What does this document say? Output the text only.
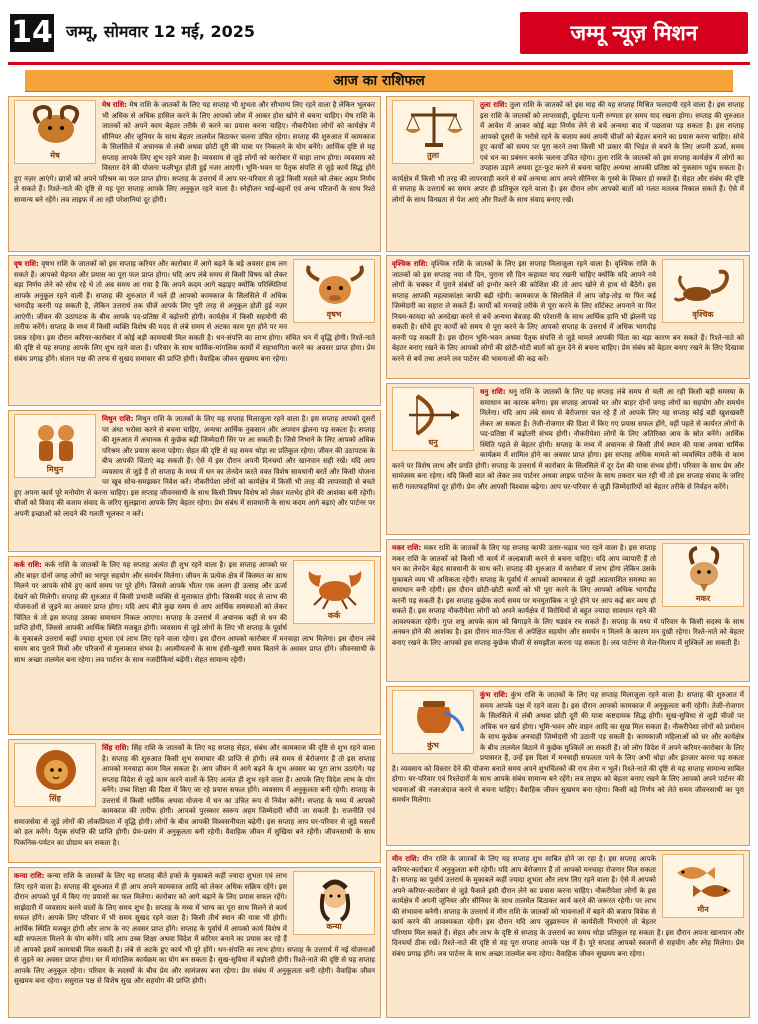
14 जम्मू, सोमवार 12 मई, 2025	जम्मू न्यूज़ मिशन
आज का राशिफल
मेष

मेष राशि: मेष राशि के जातकों के लिए यह सप्ताह भी शुभता और सौभाग्य लिए रहने वाला है लेकिन भूलकर भी अधिक से अधिक हासिल करने के लिए आपको जोश में आकर होश खोने से बचना चाहिए। मेष राशि के जातकों को अपने काम बेहतर तरीके से करने का प्रयास करना चाहिए। नौकरीपेशा लोगों को कार्यक्षेत्र में सीनियर और जूनियर के साथ बेहतर तालमेल बिठाकर चलना उचित रहेगा। सप्ताह की शुरुआत में कामकाज के सिलसिले में अचानक से लंबी अथवा छोटी दूरी की यात्रा पर निकलने के योग बनेंगे। आर्थिक दृष्टि से यह सप्ताह आपके लिए शुभ रहने वाला है। व्यवसाय से जुड़े लोगों को कारोबार में चाहा लाभ होगा। व्यवसाय को विस्तार देने की योजना फलीभूत होती हुई नजर आएगी। भूमि-भवन या पैतृक संपत्ति से जुड़े कार्य सिद्ध होंगे हुए नज़र आएंगे। छात्रों को अपने परिश्रम का फल प्राप्त होगा। सप्ताह के उत्तरार्ध में आप घर-परिवार से जुड़े किसी मसले को लेकर अहम निर्णय ले सकते हैं। रिश्ते-नाते की दृष्टि से यह पूरा सप्ताह आपके लिए अनुकूल रहने वाला है। स्नेहीजन भाई-बहनों एवं अन्य परिजनों के साथ रिश्ते सामान्य बने रहेंगे। लव लाइफ में आ रही परेशानियां दूर होंगी।

वृषभ

वृष राशि: वृषभ राशि के जातकों को इस सप्ताह करियर और कारोबार में आगे बढ़ने के बड़े अवसर हाथ लग सकते हैं। आपको मेहनत और प्रयास का पूरा फल प्राप्त होगा। यदि आप लंबे समय से किसी विषय को लेकर बड़ा निर्णय लेने को सोच रहे थे तो अब समय आ गया है कि अपने कदम आगे बढ़ाइए क्योंकि परिस्थितियां आपके अनुकूल रहने वाली हैं। सप्ताह की शुरुआत में भले ही आपको कामकाज के सिलसिले में अधिक भागदौड़ करनी पड़ सकती है, लेकिन उत्तरार्ध तक चीजें आपके लिए पूरी तरह से अनुकूल होती हुई नज़र आएंगी। जीवन की उठापटक के बीच आपके पद-प्रतिष्ठा में बढ़ोत्तरी होगी। कार्यक्षेत्र में किसी सहयोगी की तारीफ करेंगे। सप्ताह के मध्य में किसी व्यक्ति विशेष की मदद से लंबे समय से अटका काम पूरा होने पर मन प्रसन्न रहेगा। इस दौरान करियर-कारोबार में कोई बड़ी कामयाबी मिल सकती है। धन-संपत्ति का लाभ होगा। संचित धन में वृद्धि होगी। रिश्ते-नाते की दृष्टि से यह सप्ताह आपके लिए शुभ रहने वाला है। परिवार के साथ धार्मिक-मांगलिक कार्यों में सहभागिता करने का अवसर प्राप्त होगा। प्रेम संबंध प्रगाढ़ होंगे। संतान पक्ष की तरफ से सुखद समाचार की प्राप्ति होगी। वैवाहिक जीवन सुखमय बना रहेगा।

मिथुन

मिथुन राशि: मिथुन राशि के जातकों के लिए यह सप्ताह मिलाजुला रहने वाला है। इस सप्ताह आपको दूसरों पर अंधा भरोसा करने से बचना चाहिए, अन्यथा आर्थिक नुकसान और अपमान झेलना पड़ सकता है। सप्ताह की शुरुआत में अचानक से कुछेक बड़ी जिम्मेदारी सिर पर आ सकती है। जिसे निभाने के लिए आपको अधिक परिश्रम और प्रयास करना पड़ेगा। सेहत की दृष्टि से यह समय थोड़ा सा प्रतिकूल रहेगा। जीवन की उठापटक के बीच आपकी चिंताएं बढ़ सकती हैं। ऐसे में इस दौरान अपनी दिनचर्या और खानपान सही रखें। यदि आप व्यवसाय से जुड़े हैं तो सप्ताह के मध्य में धन का लेनदेन करते वक्त विशेष सावधानी बरतें और किसी योजना पर खूब सोच-समझकर निवेश करें। नौकरीपेशा लोगों को कार्यक्षेत्र में किसी भी तरह की लापरवाही से बचते हुए अपना कार्य पूरे मनोयोग से करना चाहिए। इस सप्ताह जीवनसाथी के साथ किसी विषय विशेष को लेकर मतभेद होने की आशंका बनी रहेगी। चीजों को विवाद की बजाय संवाद के जरिए सुलझाना आपके लिए बेहतर रहेगा। प्रेम संबंध में सावधानी के साथ कदम आगे बढ़ाएं और पार्टनर पर अपनी इच्छाओं को लादने की गलती भूलकर न करें।

कर्क

कर्क राशि: कर्क राशि के जातकों के लिए यह सप्ताह अत्यंत ही शुभ रहने वाला है। इस सप्ताह आपको घर और बाहर दोनों जगह लोगों का भरपूर सहयोग और समर्थन मिलेगा। जीवन के प्रत्येक क्षेत्र में किस्मत का साथ मिलने पर आपके सोचे हुए कार्य समय पर पूरे होंगे। जिससे आपके भीतर एक अलग ही उत्साह और ऊर्जा देखने को मिलेगी। सप्ताह की शुरुआत में किसी प्रभावी व्यक्ति से मुलाकात होगी। जिसकी मदद से लाभ की योजनाओं से जुड़ने का अवसर प्राप्त होगा। यदि आप बीते कुछ समय से आप आर्थिक समस्याओं को लेकर चिंतित थे तो इस सप्ताह उसका समाधान निकल आएगा। सप्ताह के उत्तरार्ध में अचानक कहीं से धन की प्राप्ति होगी, जिससे आपकी आर्थिक स्थिति मजबूत होगी। व्यवसाय से जुड़े लोगों के लिए भी सप्ताह के पूर्वार्ध के मुकाबले उत्तरार्ध कहीं ज्यादा शुभता एवं लाभ लिए रहने वाला रहेगा। इस दौरान आपको कारोबार में मनचाहा लाभ मिलेगा। इस दौरान लंबे समय बाद पुराने मित्रों और परिजनों से मुलाकात संभव है। आत्मीयजनों के साथ हंसी-खुशी समय बिताने के अवसर प्राप्त होंगे। जीवनसाथी के साथ अच्छा तालमेल बना रहेगा। लव पार्टनर के साथ नजदीकियां बढ़ेंगी। सेहत सामान्य रहेगी।

सिंह

सिंह राशि: सिंह राशि के जातकों के लिए यह सप्ताह सेहत, संबंध और कामकाज की दृष्टि से शुभ रहने वाला है। सप्ताह की शुरुआत किसी शुभ समाचार की प्राप्ति से होगी। लंबे समय से बेरोजगार हैं तो इस सप्ताह आपको मनचाहा काम मिल सकता है। आप जीवन में आगे बढ़ने के शुभ अवसर का पूरा लाभ उठाएंगे। यह सप्ताह विदेश से जुड़े काम करने वालों के लिए अत्यंत ही शुभ रहने वाला है। आपके लिए विदेश लाभ के योग बनेंगे। उच्च शिक्षा की दिशा में किए जा रहे प्रयास सफल होंगे। व्यवसाय में अनुकूलता बनी रहेगी। सप्ताह के उत्तरार्ध में किसी धार्मिक अथवा योजना में धन का उचित रूप से निवेश करेंगे। सप्ताह के मध्य में आपको कामकाज की तारीफ होगी। आपको पुरस्कार स्वरूप अहम जिम्मेदारी सौंपी जा सकती है। राजनीति एवं समाजसेवा से जुड़े लोगों की लोकप्रियता में वृद्धि होगी। लोगों के बीच आपकी विश्वसनीयता बढ़ेगी। इस सप्ताह आप घर-परिवार से जुड़े मसलों को हल करेंगे। पैतृक संपत्ति की प्राप्ति होगी। प्रेम-प्रसंग में अनुकूलता बनी रहेगी। वैवाहिक जीवन में सुखिया बने रहेंगी। जीवनसाथी के साथ पिकनिक-पर्यटन का प्रोग्राम बन सकता है।

कन्या

कन्या राशि: कन्या राशि के जातकों के लिए यह सप्ताह बीते हफ्ते के मुकाबले कहीं ज्यादा शुभता एवं लाभ लिए रहने वाला है। सप्ताह की शुरुआत में ही आप अपने कामकाज आदि को लेकर अधिक सक्रिय रहेंगे। इस दौरान आपको पूर्व में किए गए प्रयासों का फल मिलेगा। कारोबार को आगे बढ़ाने के लिए प्रयास सफल रहेंगे। साझेदारी में व्यवसाय करने वालों के लिए समय शुभ है। सप्ताह के मध्य में भाग्य का पूरा साथ मिलने से कार्य सफल होंगे। आपके लिए परिवार में भी समय सुखद रहने वाला है। किसी तीर्थ स्थान की यात्रा भी होगी। आर्थिक स्थिति मजबूत होगी और लाभ के नए अवसर प्राप्त होंगे। सप्ताह के पूर्वार्ध में आपको कार्य विशेष में बड़ी सफलता मिलने के योग बनेंगे। यदि आप उच्च शिक्षा अथवा विदेश में करियर बनाने का प्रयास कर रहे हैं तो आपको इसमें कामयाबी मिल सकती है। लंबे से अटके हुए कार्य भी पूरे होंगे। धन-संपत्ति का लाभ होगा। सप्ताह के उत्तरार्ध में नई योजनाओं से जुड़ने का अवसर प्राप्त होगा। घर में मांगलिक कार्यक्रम का योग बन सकता है। सुख-सुविधा में बढ़ोतरी होगी। रिश्ते-नाते की दृष्टि से यह सप्ताह आपके लिए अनुकूल रहेगा। परिवार के सदस्यों के बीच प्रेम और सामंजस्य बना रहेगा। प्रेम संबंध में अनुकूलता बनी रहेगी। वैवाहिक जीवन सुखमय बना रहेगा। ससुराल पक्ष से विशेष सुख और सहयोग की प्राप्ति होगी।

तुला

तुला राशि: तुला राशि के जातकों को इस माह की यह सप्ताह मिश्रित फलदायी रहने वाला है। इस सप्ताह इस राशि के जातकों को लापरवाही, दुर्घटना पत्नी रुग्णता हर समय याद रखना होगा। सप्ताह की शुरुआत में आवेश में आकर कोई बड़ा निर्णय लेने से बचें अन्यथा बाद में पछतावा पड़ सकता है। इस सप्ताह आपको दूसरों के भरोसे रहने के बजाय स्वयं अपनी चीजों को बेहतर बनाने का प्रयास करना चाहिए। सोचे हुए कार्यों को समय पर पूरा करने तथा किसी भी प्रकार की भिड़ंत से बचने के लिए अपनी ऊर्जा, समय एवं धन का प्रबंधन करके चलना उचित रहेगा। तुला राशि के जातकों को इस सप्ताह कार्यक्षेत्र में लोगों का उपहास उड़ाने अथवा टूट-फूट करने से बचना चाहिए अन्यथा आपकी प्रतिष्ठा को नुकसान पहुंच सकता है। कार्यक्षेत्र में किसी भी तरह की लापरवाही करने से बचें अन्यथा आप अपने सीनियर के गुस्से के शिकार हो सकते हैं। सेहत और संबंध की दृष्टि से सप्ताह के उत्तरार्ध का समय अपार ही प्रतिकूल रहने वाला है। इस दौरान लोग आपको बातों को गलत मतलब निकाल सकते हैं। ऐसे में लोगों के साथ विनम्रता से पेश आएं और रिश्तों के साथ संवाद बनाए रखें।

वृश्चिक

वृश्चिक राशि: वृश्चिक राशि के जातकों के लिए इस सप्ताह मिलाजुला रहने वाला है। वृश्चिक राशि के जातकों को इस सप्ताह नया नौ दिन, पुराना सौ दिन कहावत याद रखनी चाहिए क्योंकि यदि आपने नये लोगों के चक्कर में पुराने संबंधों को इग्नोर करने की कोशिश की तो आप खोने से हाथ धो बैठेंगे। इस सप्ताह आपकी महत्वाकांक्षा काफी बढ़ी रहेगी। कामकाज के सिलसिले में आप जोड़-तोड़ या फिर कई जिम्मेदारी का सहारा ले सकते हैं। कार्यों को मनचाहे तरीके से पूरा करने के लिए शॉर्टकट अपनाने या फिर नियम-कायदा को अनदेखा करने से बचें अन्यथा बेवजह की परेशानी के साथ आर्थिक हानि भी झेलनी पड़ सकती है। सोचे हुए कार्यों को समय से पूरा करने के लिए आपको सप्ताह के उत्तरार्ध में अधिक भागदौड़ करनी पड़ सकती है। इस दौरान भूमि-भवन अथवा पैतृक संपत्ति से जुड़े मामले आपकी चिंता का बड़ा कारण बन सकते हैं। रिश्ते-नाते को बेहतर बनाए रखने के लिए आपको लोगों की छोटी-मोटी बातों को तूल देने से बचना चाहिए। प्रेम संबंध को बेहतर बनाए रखने के लिए दिखावा करने से बचें तथा अपने लव पार्टनर की भावनाओं की कद्र करें।

धनु

धनु राशि: धनु राशि के जातकों के लिए यह सप्ताह लंबे समय से चली आ रही किसी बड़ी समस्या के समाधान का कारक बनेगा। इस सप्ताह आपको घर और बाहर दोनों जगह लोगों का सहयोग और समर्थन मिलेगा। यदि आप लंबे समय से बेरोजगार चल रहे हैं तो आपके लिए यह सप्ताह कोई बड़ी खुशखबरी लेकर आ सकता है। तेजी-रोजगार की दिशा में किए गए प्रयास सफल होंगे, वहीं पहले से कार्यरत लोगों के पद-प्रतिष्ठा में बढ़ोतरी संभव होगी। नौकरीपेशा लोगों के लिए अतिरिक्त आय के स्रोत बनेंगे। आर्थिक स्थिति पहले से बेहतर होगी। सप्ताह के मध्य में अचानक से किसी तीर्थ स्थान की यात्रा अथवा धार्मिक कार्यक्रम में शामिल होने का अवसर प्राप्त होगा। इस सप्ताह अधिक मामले को व्यवस्थित तरीके से काम करने पर विशेष लाभ और प्रगति होगी। सप्ताह के उत्तरार्ध में कारोबार के सिलसिले में दूर देश की यात्रा संभव होगी। परिवार के साथ प्रेम और सामंजस्य बना रहेगा। यदि किसी बात को लेकर लव पार्टनर अथवा लाइफ पार्टनर के साथ तकरार चल रही थी तो इस सप्ताह संवाद के जरिए सारी गलतफहमियां दूर होंगी। प्रेम और आपसी विश्वास बढ़ेगा। आप घर-परिवार से जुड़ी जिम्मेदारियों को बेहतर तरीके से निर्वहन करेंगे।

मकर

मकर राशि: मकर राशि के जातकों के लिए यह सप्ताह काफी उतार-चढ़ाव भरा रहने वाला है। इस सप्ताह मकर राशि के जातकों को किसी भी कार्य में जल्दबाजी करने से बचना चाहिए। यदि आप व्यापारी हैं तो धन का लेनदेन बेहद सावधानी के साथ करें। सप्ताह की शुरुआत में कारोबार में लाभ होगा लेकिन उसके मुकाबले व्यय भी अधिकता रहेगी। सप्ताह के पूर्वार्ध में आपको कामकाज से जुड़ी अप्रत्याशित समस्या का समाधान बनी रहेगी। इस दौरान छोटी-छोटी कार्यों को भी पूरा करने के लिए आपको अधिक भागदौड़ करनी पड़ सकती है। इस सप्ताह कुछेक कार्य समय पर मनमुताबिक न पूरे होने पर आप कई बार व्यथ हो सकते हैं। इस सप्ताह नौकरीपेशा लोगों को अपने कार्यक्षेत्र में विरोधियों से बहुत ज्यादा सावधान रहने की आवश्यकता रहेगी। गुप्त शत्रु आपके काम को बिगाड़ने के लिए षड्यंत्र रच सकते हैं। सप्ताह के मध्य में परिवार के किसी सदस्य के साथ अनबन होने की आशंका है। इस दौरान मात-पिता से अपेक्षित सहयोग और समर्थन न मिलने के कारण मन दुखी रहेगा। रिश्ते-नाते को बेहतर बनाए रखने के लिए आपको इस सप्ताह कुछेक चीजों से समझौता करना पड़ सकता है। लव पार्टनर से मेल-मिलाप में मुश्किलें आ सकती हैं।

कुंभ

कुंभ राशि: कुंभ राशि के जातकों के लिए यह सप्ताह मिलाजुला रहने वाला है। सप्ताह की शुरुआत में समय आपके पक्ष में रहने वाला है। इस दौरान आपको कामकाज में अनुकूलता बनी रहेगी। तेजी-रोजगार के सिलसिले में लंबी अथवा छोटी दूरी की यात्रा कष्टदायक सिद्ध होगी। सुख-सुविधा से जुड़ी चीजों पर अधिक धन खर्च होगा। भूमि-भवन और वाहन आदि का सुख मिल सकता है। नौकरीपेशा लोगों को प्रमोशन के साथ कुछेक अनचाही जिम्मेदारी भी उठानी पड़ सकती है। कामकाजी महिलाओं को घर और कार्यक्षेत्र के बीच तालमेल बिठाने में कुछेक मुश्किलें आ सकती हैं। जो लोग विदेश में अपने करियर-कारोबार के लिए प्रयासरत हैं, उन्हें इस दिशा में मनचाही सफलता पाने के लिए अभी थोड़ा और इंतजार करना पड़ सकता है। व्यवसाय को विस्तार देने की योजना बनाते समय अपने शुभचिंतकों की राय लेना न भूलें। रिश्ते-नाते की दृष्टि से यह सप्ताह सामान्य साबित होगा। घर-परिवार एवं रिश्तेदारों के साथ आपके संबंध सामान्य बने रहेंगे। लव लाइफ को बेहतर बनाए रखने के लिए आपको अपने पार्टनर की भावनाओं की नजरअंदाज करने से बचना चाहिए। वैवाहिक जीवन सुखमय बना रहेगा। किसी बड़े निर्णय को लेते समय जीवनसाथी का पूरा समर्थन मिलेगा।

मीन

मीन राशि: मीन राशि के जातकों के लिए यह सप्ताह शुभ साबित होने जा रहा है। इस सप्ताह आपके करियर-कारोबार में अनुकूलता बनी रहेगी। यदि आप बेरोजगार हैं तो आपको मनचाहा रोजगार मिल सकता है। सप्ताह का पूर्वार्ध उत्तरार्ध के मुकाबले कहीं ज्यादा शुभता और लाभ लिए रहने वाला है। ऐसे में आपको अपने करियर-कारोबार से जुड़े फैसले इसी दौरान लेने का प्रयास करना चाहिए। नौकरीपेशा लोगों के इस कार्यक्षेत्र में अपनी जूनियर और सीनियर के साथ तालमेल बिठाकर कार्य करने की जरूरत रहेगी। पर लाभ की संभावना बनेगी। सप्ताह के उत्तरार्ध में मीन राशि के जातकों को भावनाओं में बहने की बजाय विवेक से कार्य करने की आवश्यकता रहेगी। इस दौरान यदि आप जुझारुपन से कार्यशैली निभाएंगे तो बेहतर परिणाम मिल सकते हैं। सेहत और लाभ के दृष्टि से सप्ताह के उत्तरार्ध का समय थोड़ा प्रतिकूल रह सकता है। इस दौरान अपना खानपान और दिनचर्या ठीक रखें। रिश्ते-नाते की दृष्टि से यह पूरा सप्ताह आपके पक्ष में है। पूरे सप्ताह आपको स्वजनों से सहयोग और स्नेह मिलेगा। प्रेम संबंध प्रगाढ़ होंगे। लव पार्टनर के साथ अच्छा तालमेल बना रहेगा। वैवाहिक जीवन सुखमय बना रहेगा।
